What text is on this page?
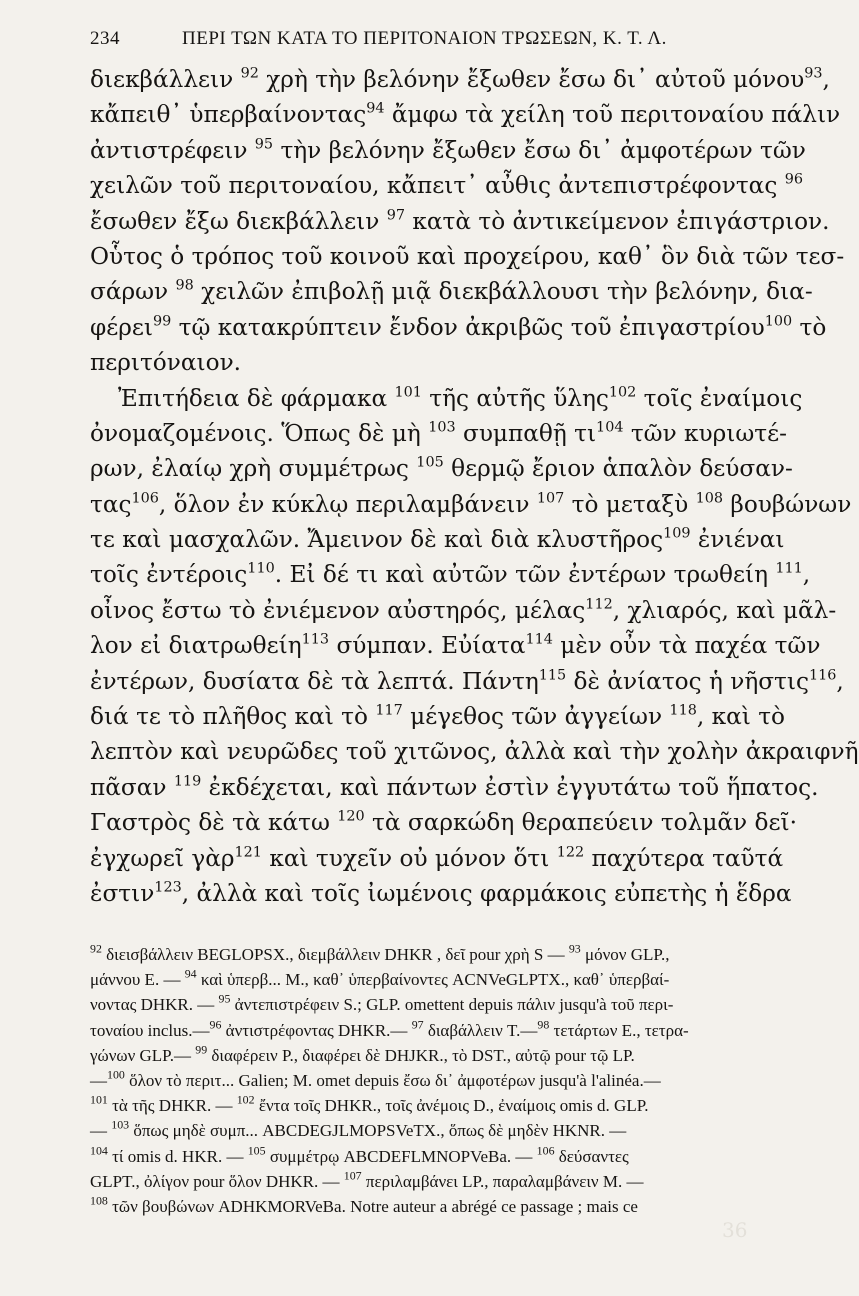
234	ΠΕΡΙ ΤΩΝ ΚΑΤΑ ΤΟ ΠΕΡΙΤΟΝΑΙΟΝ ΤΡΩΣΕΩΝ, Κ. Τ. Λ.
διεκβάλλειν $^{92}$ χρὴ τὴν βελόνην ἔξωθεν ἔσω δι᾽ αὐτοῦ μόνου$^{93}$,
κἄπειθ᾽ ὑπερβαίνοντας$^{94}$ ἄμφω τὰ χείλη τοῦ περιτοναίου πάλιν
ἀντιστρέφειν $^{95}$ τὴν βελόνην ἔξωθεν ἔσω δι᾽ ἀμφοτέρων τῶν
χειλῶν τοῦ περιτοναίου, κἄπειτ᾽ αὖθις ἀντεπιστρέφοντας $^{96}$
ἔσωθεν ἔξω διεκβάλλειν $^{97}$ κατὰ τὸ ἀντικείμενον ἐπιγάστριον.
Οὗτος ὁ τρόπος τοῦ κοινοῦ καὶ προχείρου, καθ᾽ ὃν διὰ τῶν τεσ-
σάρων $^{98}$ χειλῶν ἐπιβολῇ μιᾷ διεκβάλλουσι τὴν βελόνην, δια-
φέρει$^{99}$ τῷ κατακρύπτειν ἔνδον ἀκριβῶς τοῦ ἐπιγαστρίου$^{100}$ τὸ
περιτόναιον.
Ἐπιτήδεια δὲ φάρμακα $^{101}$ τῆς αὐτῆς ὕλης$^{102}$ τοῖς ἐναίμοις
ὀνομαζομένοις. Ὅπως δὲ μὴ $^{103}$ συμπαθῇ $\tau\iota^{104}$ τῶν κυριωτέ-
ρων, ἐλαίῳ χρὴ συμμέτρως $^{105}$ θερμῷ ἔριον ἁπαλὸν δεύσαν-
τας$^{106}$, ὅλον ἐν κύκλῳ περιλαμβάνειν $^{107}$ τὸ μεταξὺ $^{108}$ βουβώνων
τε καὶ μασχαλῶν. Ἄμεινον δὲ καὶ διὰ κλυστῆρος$^{109}$ ἐνιέναι
τοῖς ἐντέροις$^{110}$. Εἰ δέ τι καὶ αὐτῶν τῶν ἐντέρων τρωθείη $^{111}$,
οἶνος ἔστω τὸ ἐνιέμενον αὐστηρός, μέλας$^{112}$, χλιαρός, καὶ μᾶλ-
λον εἰ διατρωθείη$^{113}$ σύμπαν. Εὐίατα$^{114}$ μὲν οὖν τὰ παχέα τῶν
ἐντέρων, δυσίατα δὲ τὰ λεπτά. Πάντη$^{115}$ δὲ ἀνίατος ἡ νῆστις$^{116}$,
διά τε τὸ πλῆθος καὶ τὸ $^{117}$ μέγεθος τῶν ἀγγείων $^{118}$, καὶ τὸ
λεπτὸν καὶ νευρῶδες τοῦ χιτῶνος, ἀλλὰ καὶ τὴν χολὴν ἀκραιφνῆ
πᾶσαν $^{119}$ ἐκδέχεται, καὶ πάντων ἐστὶν ἐγγυτάτω τοῦ ἥπατος.
Γαστρὸς δὲ τὰ κάτω $^{120}$ τὰ σαρκώδη θεραπεύειν τολμᾶν δεῖ·
ἐγχωρεῖ γὰρ$^{121}$ καὶ τυχεῖν οὐ μόνον ὅτι $^{122}$ παχύτερα ταῦτά
ἐστιν$^{123}$, ἀλλὰ καὶ τοῖς ἰωμένοις φαρμάκοις εὐπετὴς ἡ ἕδρα
$^{92}$ διεισβάλλειν BEGLOPSX., διεμβάλλειν DHKR , δεῖ pour χρὴ S — $^{93}$ μόνον GLP.,
μάννου E. — $^{94}$ καὶ ὑπερβ... M., καθ᾽ ὑπερβαίνοντες ACNVeGLPTX., καθ᾽ ὑπερβαί-
νοντας DHKR. — $^{95}$ ἀντεπιστρέφειν S.; GLP. omettent depuis πάλιν jusqu'à τοῦ περι-
τοναίου inclus.—$^{96}$ ἀντιστρέφοντας DHKR.— $^{97}$ διαβάλλειν T.—$^{98}$ τετάρτων E., τετρα-
γώνων GLP.— $^{99}$ διαφέρειν P., διαφέρει δὲ DHJKR., τὸ DST., αὐτῷ pour τῷ LP.
—$^{100}$ ὅλον τὸ περιτ... Galien; M. omet depuis ἔσω δι᾽ ἀμφοτέρων jusqu'à l'alinéa.—
$^{101}$ τὰ τῆς DHKR. — $^{102}$ ἔντα τοῖς DHKR., τοῖς ἀνέμοις D., ἐναίμοις omis d. GLP.
— $^{103}$ ὅπως μηδὲ συμπ... ABCDEGJLMOPSVeTX., ὅπως δὲ μηδὲν HKNR. —
$^{104}$ τί omis d. HKR. — $^{105}$ συμμέτρῳ ABCDEFLMNOPVeBa. — $^{106}$ δεύσαντες
GLPT., ὀλίγον pour ὅλον DHKR. — $^{107}$ περιλαμβάνει LP., παραλαμβάνειν M. —
$^{108}$ τῶν βουβώνων ADHKMORVeBa. Notre auteur a abrégé ce passage ; mais ce
36
